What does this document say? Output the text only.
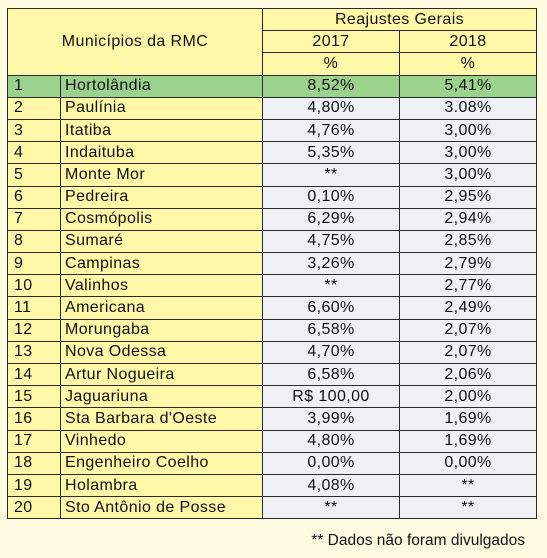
Municípios da RMC		Reajustes Gerais	
		2017	2018
		%	%
1	Hortolândia	8,52%	5,41%
2	Paulínia	4,80%	3.08%
3	Itatiba	4,76%	3,00%
4	Indaituba	5,35%	3,00%
5	Monte Mor	**	3,00%
6	Pedreira	0,10%	2,95%
7	Cosmópolis	6,29%	2,94%
8	Sumaré	4,75%	2,85%
9	Campinas	3,26%	2,79%
10	Valinhos	**	2,77%
11	Americana	6,60%	2,49%
12	Morungaba	6,58%	2,07%
13	Nova Odessa	4,70%	2,07%
14	Artur Nogueira	6,58%	2,06%
15	Jaguariuna	R$ 100,00	2,00%
16	Sta Barbara d'Oeste	3,99%	1,69%
17	Vinhedo	4,80%	1,69%
18	Engenheiro Coelho	0,00%	0,00%
19	Holambra	4,08%	**
20	Sto Antônio de Posse	**	**
** Dados não foram divulgados
